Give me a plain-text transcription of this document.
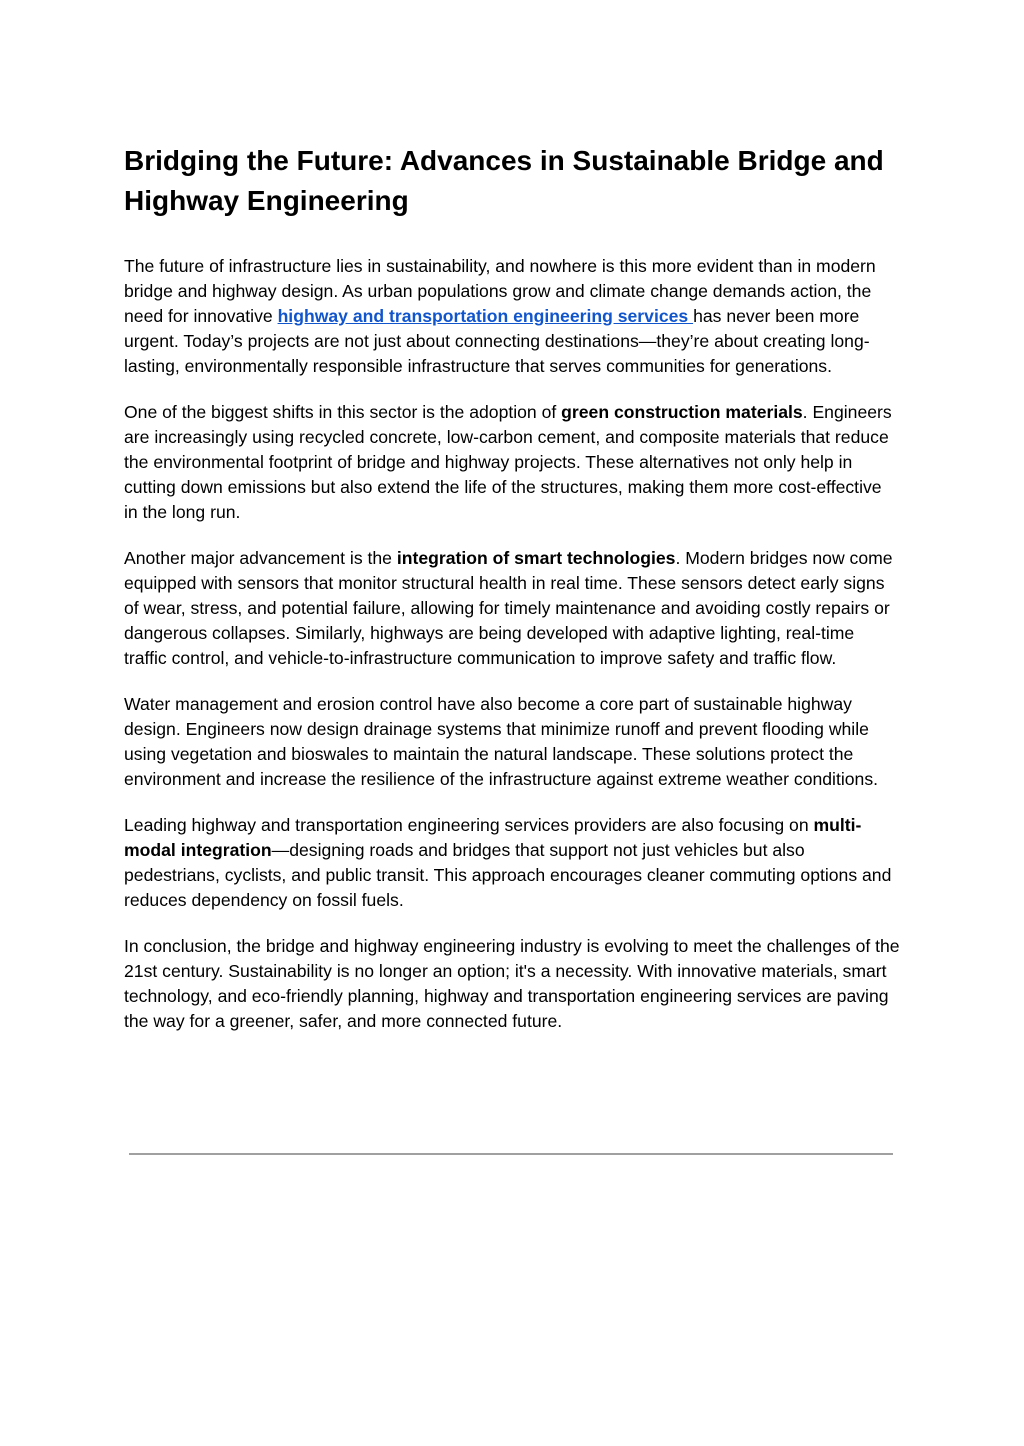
Bridging the Future: Advances in Sustainable Bridge and Highway Engineering

The future of infrastructure lies in sustainability, and nowhere is this more evident than in modern bridge and highway design. As urban populations grow and climate change demands action, the need for innovative highway and transportation engineering services has never been more urgent. Today’s projects are not just about connecting destinations—they’re about creating long-lasting, environmentally responsible infrastructure that serves communities for generations.

One of the biggest shifts in this sector is the adoption of green construction materials. Engineers are increasingly using recycled concrete, low-carbon cement, and composite materials that reduce the environmental footprint of bridge and highway projects. These alternatives not only help in cutting down emissions but also extend the life of the structures, making them more cost-effective in the long run.

Another major advancement is the integration of smart technologies. Modern bridges now come equipped with sensors that monitor structural health in real time. These sensors detect early signs of wear, stress, and potential failure, allowing for timely maintenance and avoiding costly repairs or dangerous collapses. Similarly, highways are being developed with adaptive lighting, real-time traffic control, and vehicle-to-infrastructure communication to improve safety and traffic flow.

Water management and erosion control have also become a core part of sustainable highway design. Engineers now design drainage systems that minimize runoff and prevent flooding while using vegetation and bioswales to maintain the natural landscape. These solutions protect the environment and increase the resilience of the infrastructure against extreme weather conditions.

Leading highway and transportation engineering services providers are also focusing on multi-modal integration—designing roads and bridges that support not just vehicles but also pedestrians, cyclists, and public transit. This approach encourages cleaner commuting options and reduces dependency on fossil fuels.

In conclusion, the bridge and highway engineering industry is evolving to meet the challenges of the 21st century. Sustainability is no longer an option; it's a necessity. With innovative materials, smart technology, and eco-friendly planning, highway and transportation engineering services are paving the way for a greener, safer, and more connected future.
